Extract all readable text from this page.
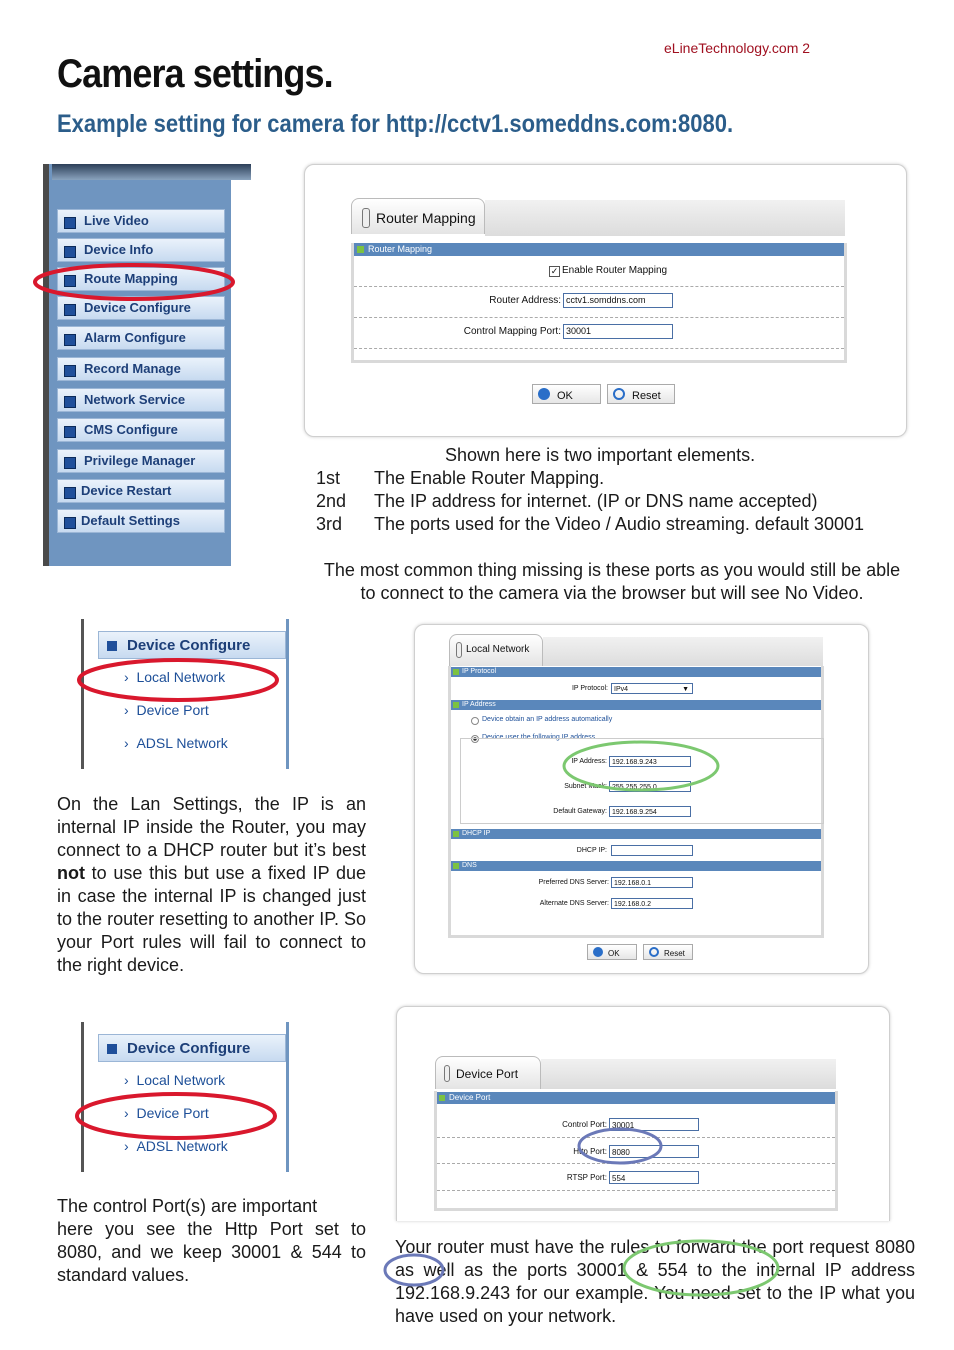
eLineTechnology.com 2
Camera settings.
Example setting for camera for http://cctv1.someddns.com:8080.
Live Video
Device Info
Route Mapping
Device Configure
Alarm Configure
Record Manage
Network Service
CMS Configure
Privilege Manager
Device Restart
Default Settings
Router Mapping
Router Mapping
✓ Enable Router Mapping
Router Address: cctv1.somddns.com
Control Mapping Port: 30001
OK	Reset
Shown here is two important elements.
1st The Enable Router Mapping.
2nd The IP address for internet. (IP or DNS name accepted)
3rd The ports used for the Video / Audio streaming. default 30001
The most common thing missing is these ports as you would still be able to connect to the camera via the browser but will see No Video.
Device Configure
›  Local Network
›  Device Port
›  ADSL Network
On the Lan Settings, the IP is an internal IP inside the Router, you may connect to a DHCP router but it’s best not to use this but use a fixed IP due in case the internal IP is changed just to the router resetting to another IP. So your Port rules will fail to connect to the right device.
Local Network
IP Protocol
IP Protocol: IPv4	▼
IP Address
Device obtain an IP address automatically
Device user the following IP address
IP Address: 192.168.9.243
Subnet Mask: 255.255.255.0
Default Gateway: 192.168.9.254
DHCP IP
DHCP IP:
DNS
Preferred DNS Server: 192.168.0.1
Alternate DNS Server: 192.168.0.2
OK	Reset
Device Configure
›  Local Network
›  Device Port
›  ADSL Network
The control Port(s) are important
here you see the Http Port set to 8080, and we keep 30001 & 544 to standard values.
Device Port
Device Port
Control Port: 30001
Http Port: 8080
RTSP Port: 554
Your router must have the rules to forward the port request 8080 as well as the ports 30001 & 554 to the internal IP address 192.168.9.243 for our example. You need set to the IP what you have used on your network.
